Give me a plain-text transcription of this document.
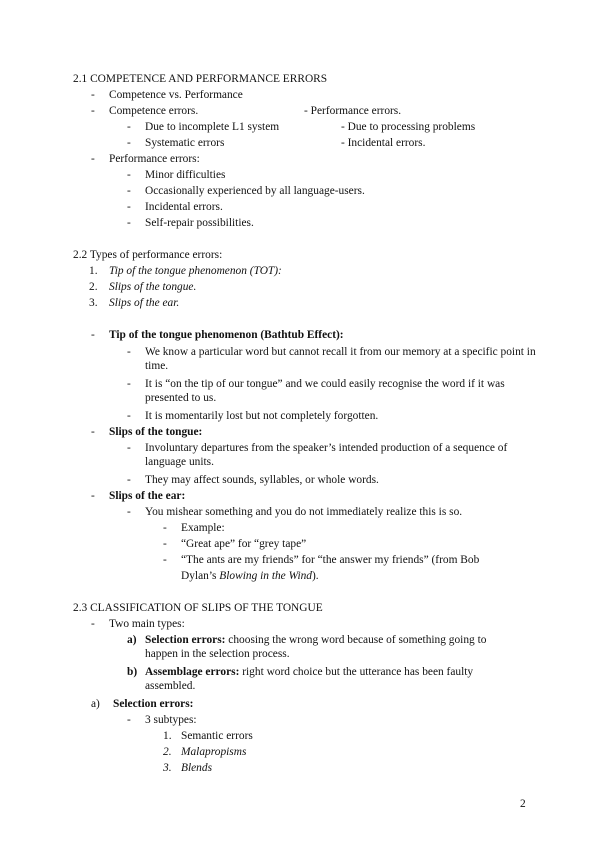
2.1 COMPETENCE AND PERFORMANCE ERRORS
- Competence vs. Performance
- Competence errors.	- Performance errors.
- Due to incomplete L1 system	- Due to processing problems
- Systematic errors	- Incidental errors.
- Performance errors:
- Minor difficulties
- Occasionally experienced by all language-users.
- Incidental errors.
- Self-repair possibilities.
2.2 Types of performance errors:
1. Tip of the tongue phenomenon (TOT):
2. Slips of the tongue.
3. Slips of the ear.
- Tip of the tongue phenomenon (Bathtub Effect):
- We know a particular word but cannot recall it from our memory at a specific point in time.
- It is “on the tip of our tongue” and we could easily recognise the word if it was presented to us.
- It is momentarily lost but not completely forgotten.
- Slips of the tongue:
- Involuntary departures from the speaker’s intended production of a sequence of language units.
- They may affect sounds, syllables, or whole words.
- Slips of the ear:
- You mishear something and you do not immediately realize this is so.
- Example:
- “Great ape” for “grey tape”
- “The ants are my friends” for “the answer my friends” (from Bob
Dylan’s Blowing in the Wind).
2.3 CLASSIFICATION OF SLIPS OF THE TONGUE
- Two main types:
a) Selection errors: choosing the wrong word because of something going to happen in the selection process.
b) Assemblage errors: right word choice but the utterance has been faulty assembled.
a) Selection errors:
- 3 subtypes:
1. Semantic errors
2. Malapropisms
3. Blends
2
